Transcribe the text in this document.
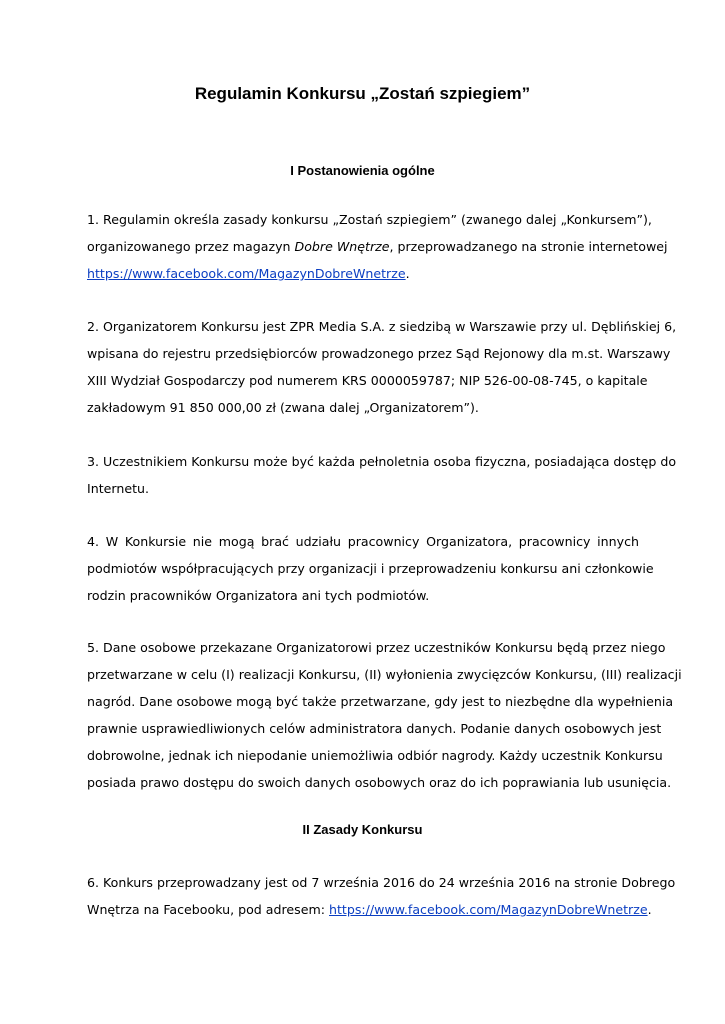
Regulamin Konkursu „Zostań szpiegiem”
I Postanowienia ogólne

1. Regulamin określa zasady konkursu „Zostań szpiegiem” (zwanego dalej „Konkursem”),
organizowanego przez magazyn Dobre Wnętrze, przeprowadzanego na stronie internetowej
https://www.facebook.com/MagazynDobreWnetrze.

2. Organizatorem Konkursu jest ZPR Media S.A. z siedzibą w Warszawie przy ul. Dęblińskiej 6,
wpisana do rejestru przedsiębiorców prowadzonego przez Sąd Rejonowy dla m.st. Warszawy
XIII Wydział Gospodarczy pod numerem KRS 0000059787; NIP 526-00-08-745, o kapitale
zakładowym 91 850 000,00 zł (zwana dalej „Organizatorem”).

3. Uczestnikiem Konkursu może być każda pełnoletnia osoba fizyczna, posiadająca dostęp do
Internetu.

4. W Konkursie nie mogą brać udziału pracownicy Organizatora, pracownicy innych
podmiotów współpracujących przy organizacji i przeprowadzeniu konkursu ani członkowie
rodzin pracowników Organizatora ani tych podmiotów.

5. Dane osobowe przekazane Organizatorowi przez uczestników Konkursu będą przez niego
przetwarzane w celu (I) realizacji Konkursu, (II) wyłonienia zwycięzców Konkursu, (III) realizacji
nagród. Dane osobowe mogą być także przetwarzane, gdy jest to niezbędne dla wypełnienia
prawnie usprawiedliwionych celów administratora danych. Podanie danych osobowych jest
dobrowolne, jednak ich niepodanie uniemożliwia odbiór nagrody. Każdy uczestnik Konkursu
posiada prawo dostępu do swoich danych osobowych oraz do ich poprawiania lub usunięcia.

II Zasady Konkursu

6. Konkurs przeprowadzany jest od 7 września 2016 do 24 września 2016 na stronie Dobrego
Wnętrza na Facebooku, pod adresem: https://www.facebook.com/MagazynDobreWnetrze.
